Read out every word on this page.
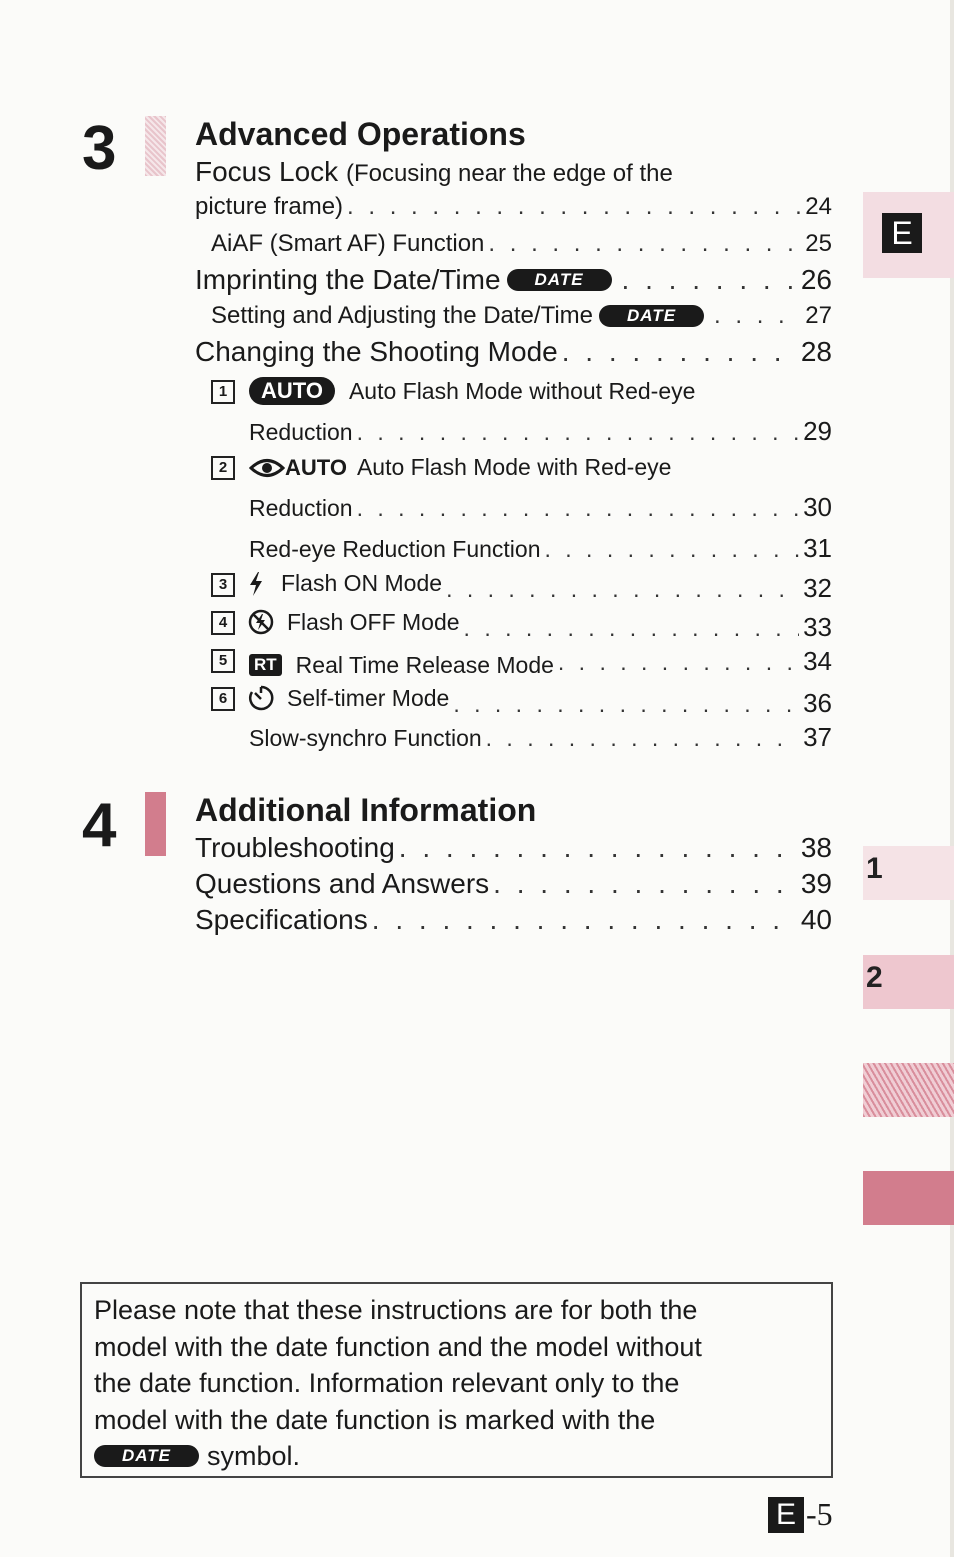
3 Advanced Operations
Focus Lock (Focusing near the edge of the
picture frame) . . .	24
AiAF (Smart AF) Function . . .	25
Imprinting the Date/Time	DATE . . .	26
Setting and Adjusting the Date/Time	DATE . . .	27
Changing the Shooting Mode . . .	28
1	AUTO	Auto Flash Mode without Red-eye
Reduction . . .	29
2	AUTO Auto Flash Mode with Red-eye
Reduction . . .	30
Red-eye Reduction Function . . .	31
3	Flash ON Mode . . .	32
4	Flash OFF Mode . . .	33
5	RT Real Time Release Mode . . .	34
6	Self-timer Mode . . .	36
Slow-synchro Function . . .	37
4 Additional Information
Troubleshooting . . .	38
Questions and Answers . . .	39
Specifications . . .	40
E
1
2
Please note that these instructions are for both the
model with the date function and the model without
the date function. Information relevant only to the
model with the date function is marked with the
DATE	symbol.
E -5
